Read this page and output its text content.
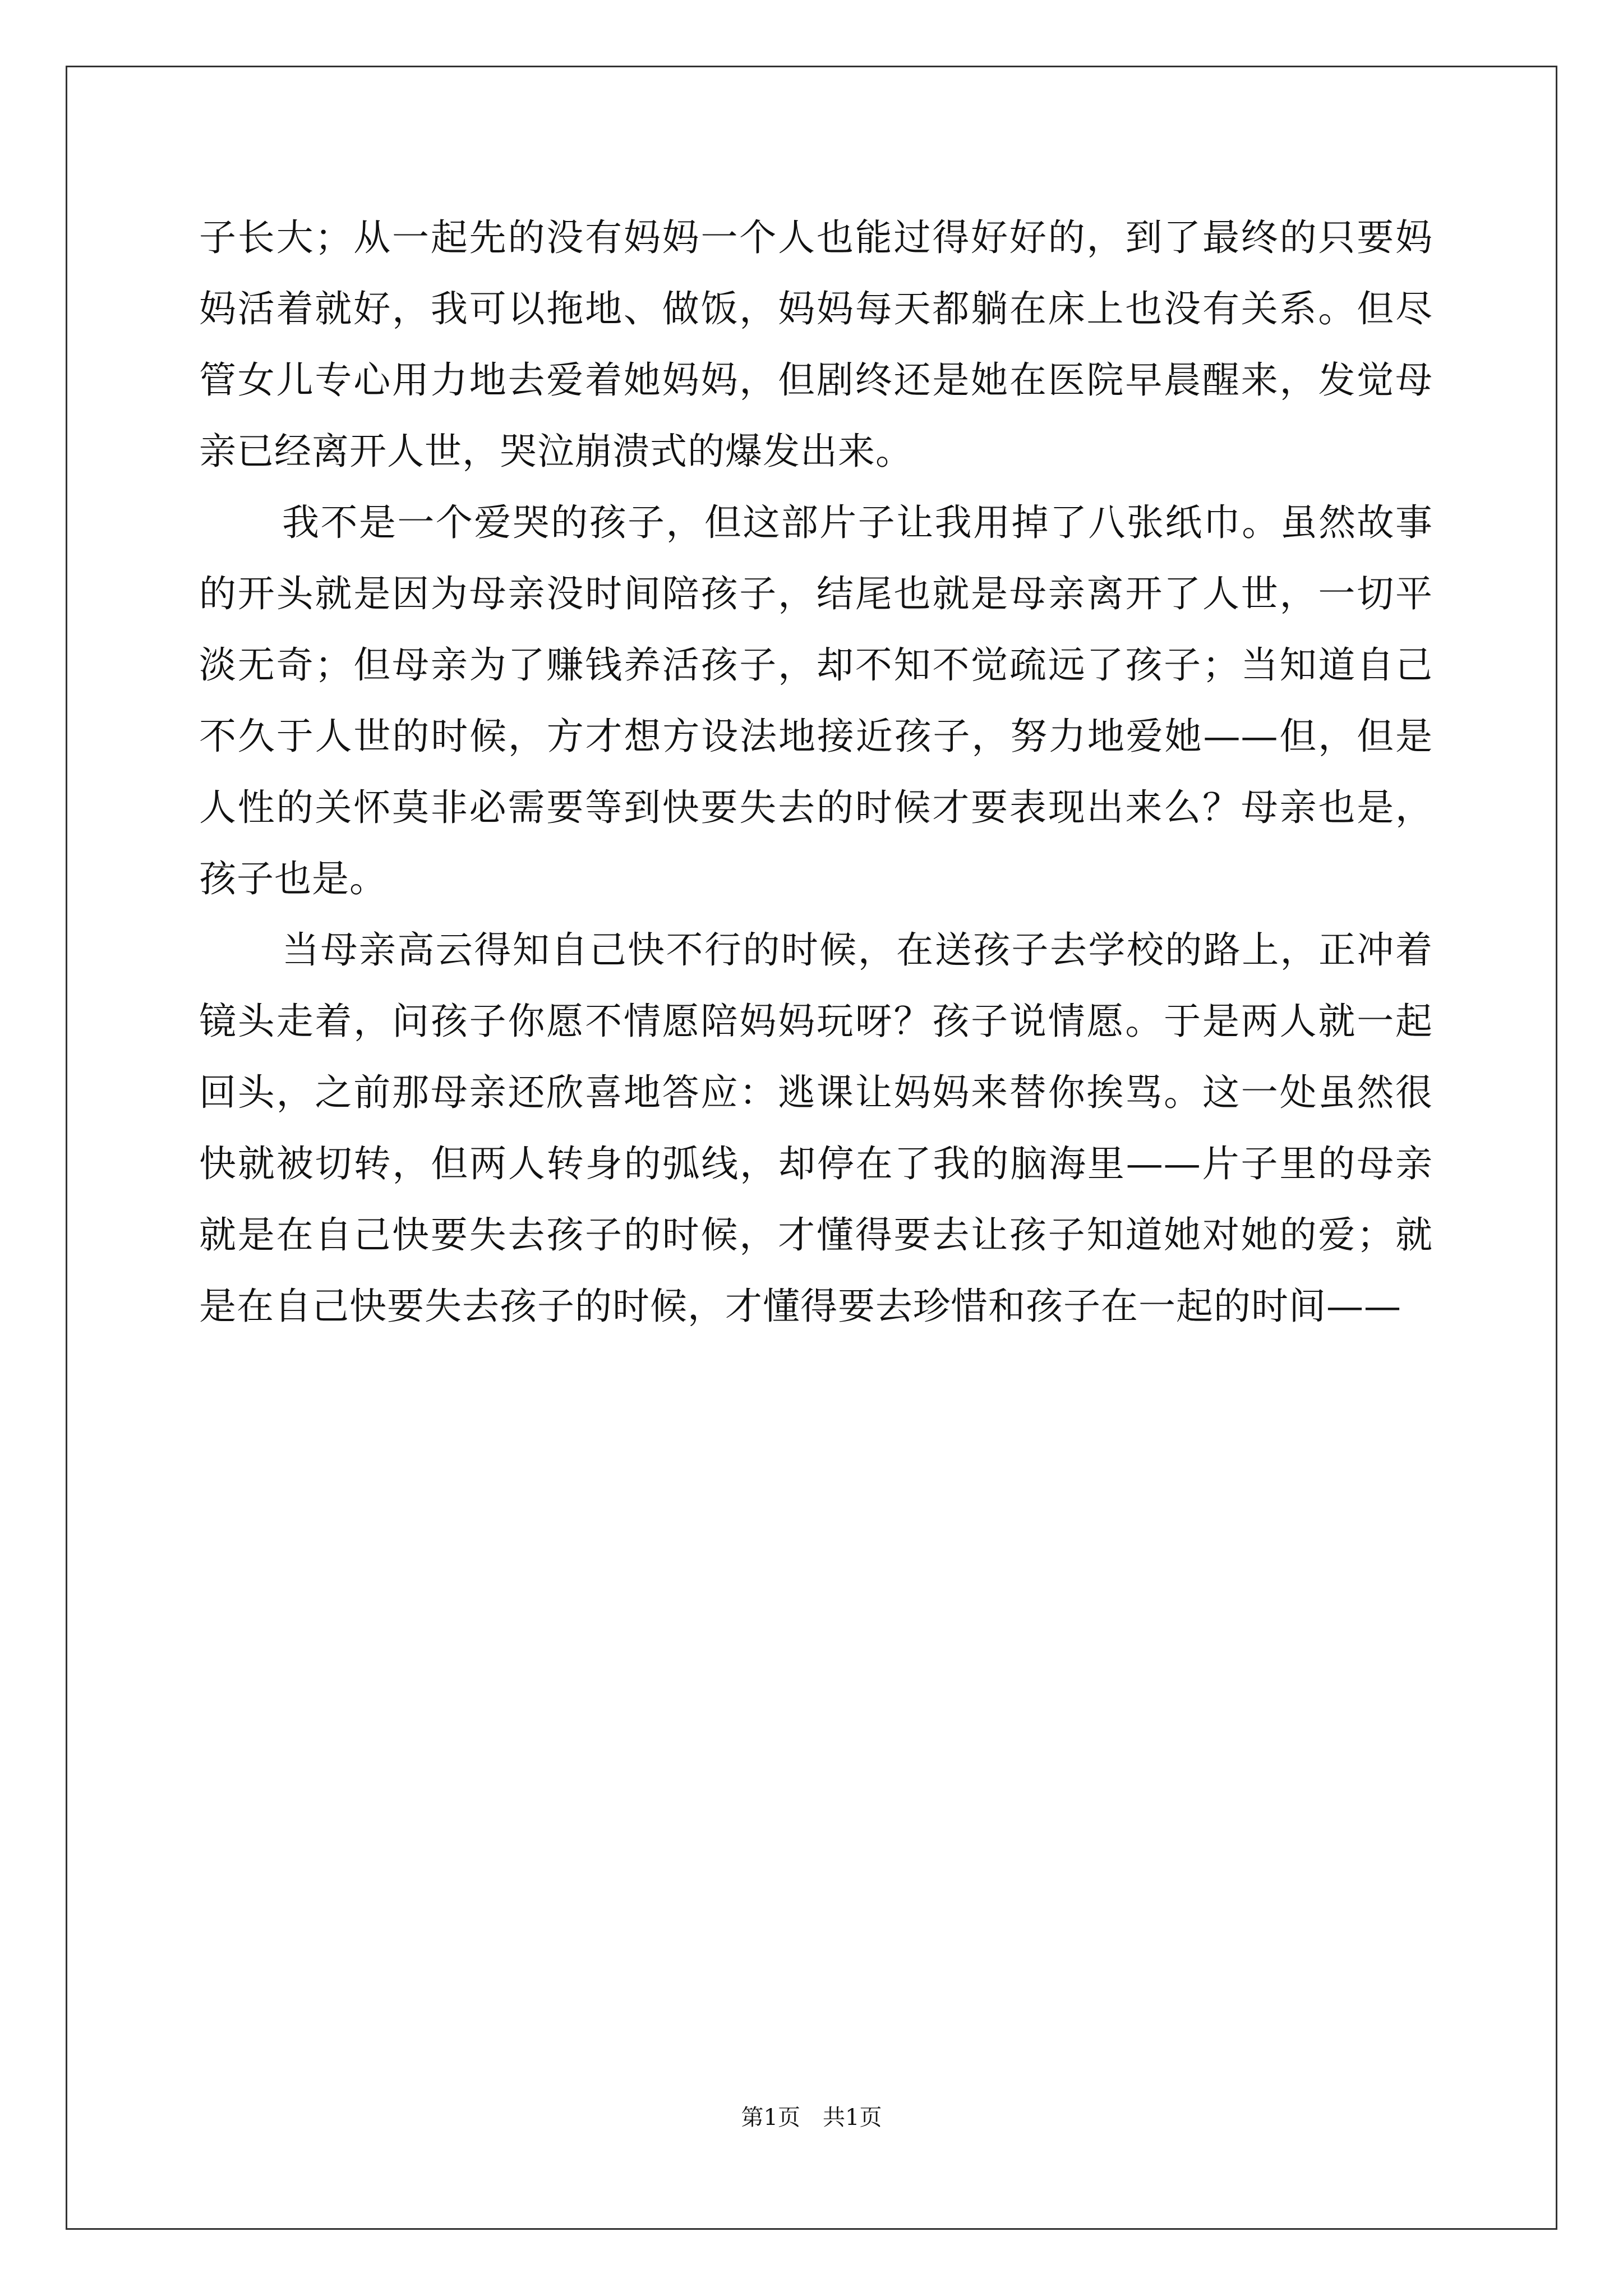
子长大；从一起先的没有妈妈一个人也能过得好好的，到了最终的只要妈妈活着就好，我可以拖地、做饭，妈妈每天都躺在床上也没有关系。但尽管女儿专心用力地去爱着她妈妈，但剧终还是她在医院早晨醒来，发觉母亲已经离开人世，哭泣崩溃式的爆发出来。

我不是一个爱哭的孩子，但这部片子让我用掉了八张纸巾。虽然故事的开头就是因为母亲没时间陪孩子，结尾也就是母亲离开了人世，一切平淡无奇；但母亲为了赚钱养活孩子，却不知不觉疏远了孩子；当知道自己不久于人世的时候，方才想方设法地接近孩子，努力地爱她——但，但是人性的关怀莫非必需要等到快要失去的时候才要表现出来么？母亲也是，孩子也是。

当母亲高云得知自己快不行的时候，在送孩子去学校的路上，正冲着镜头走着，问孩子你愿不情愿陪妈妈玩呀？孩子说情愿。于是两人就一起回头，之前那母亲还欣喜地答应：逃课让妈妈来替你挨骂。这一处虽然很快就被切转，但两人转身的弧线，却停在了我的脑海里——片子里的母亲就是在自己快要失去孩子的时候，才懂得要去让孩子知道她对她的爱；就是在自己快要失去孩子的时候，才懂得要去珍惜和孩子在一起的时间——

第1页 共1页
